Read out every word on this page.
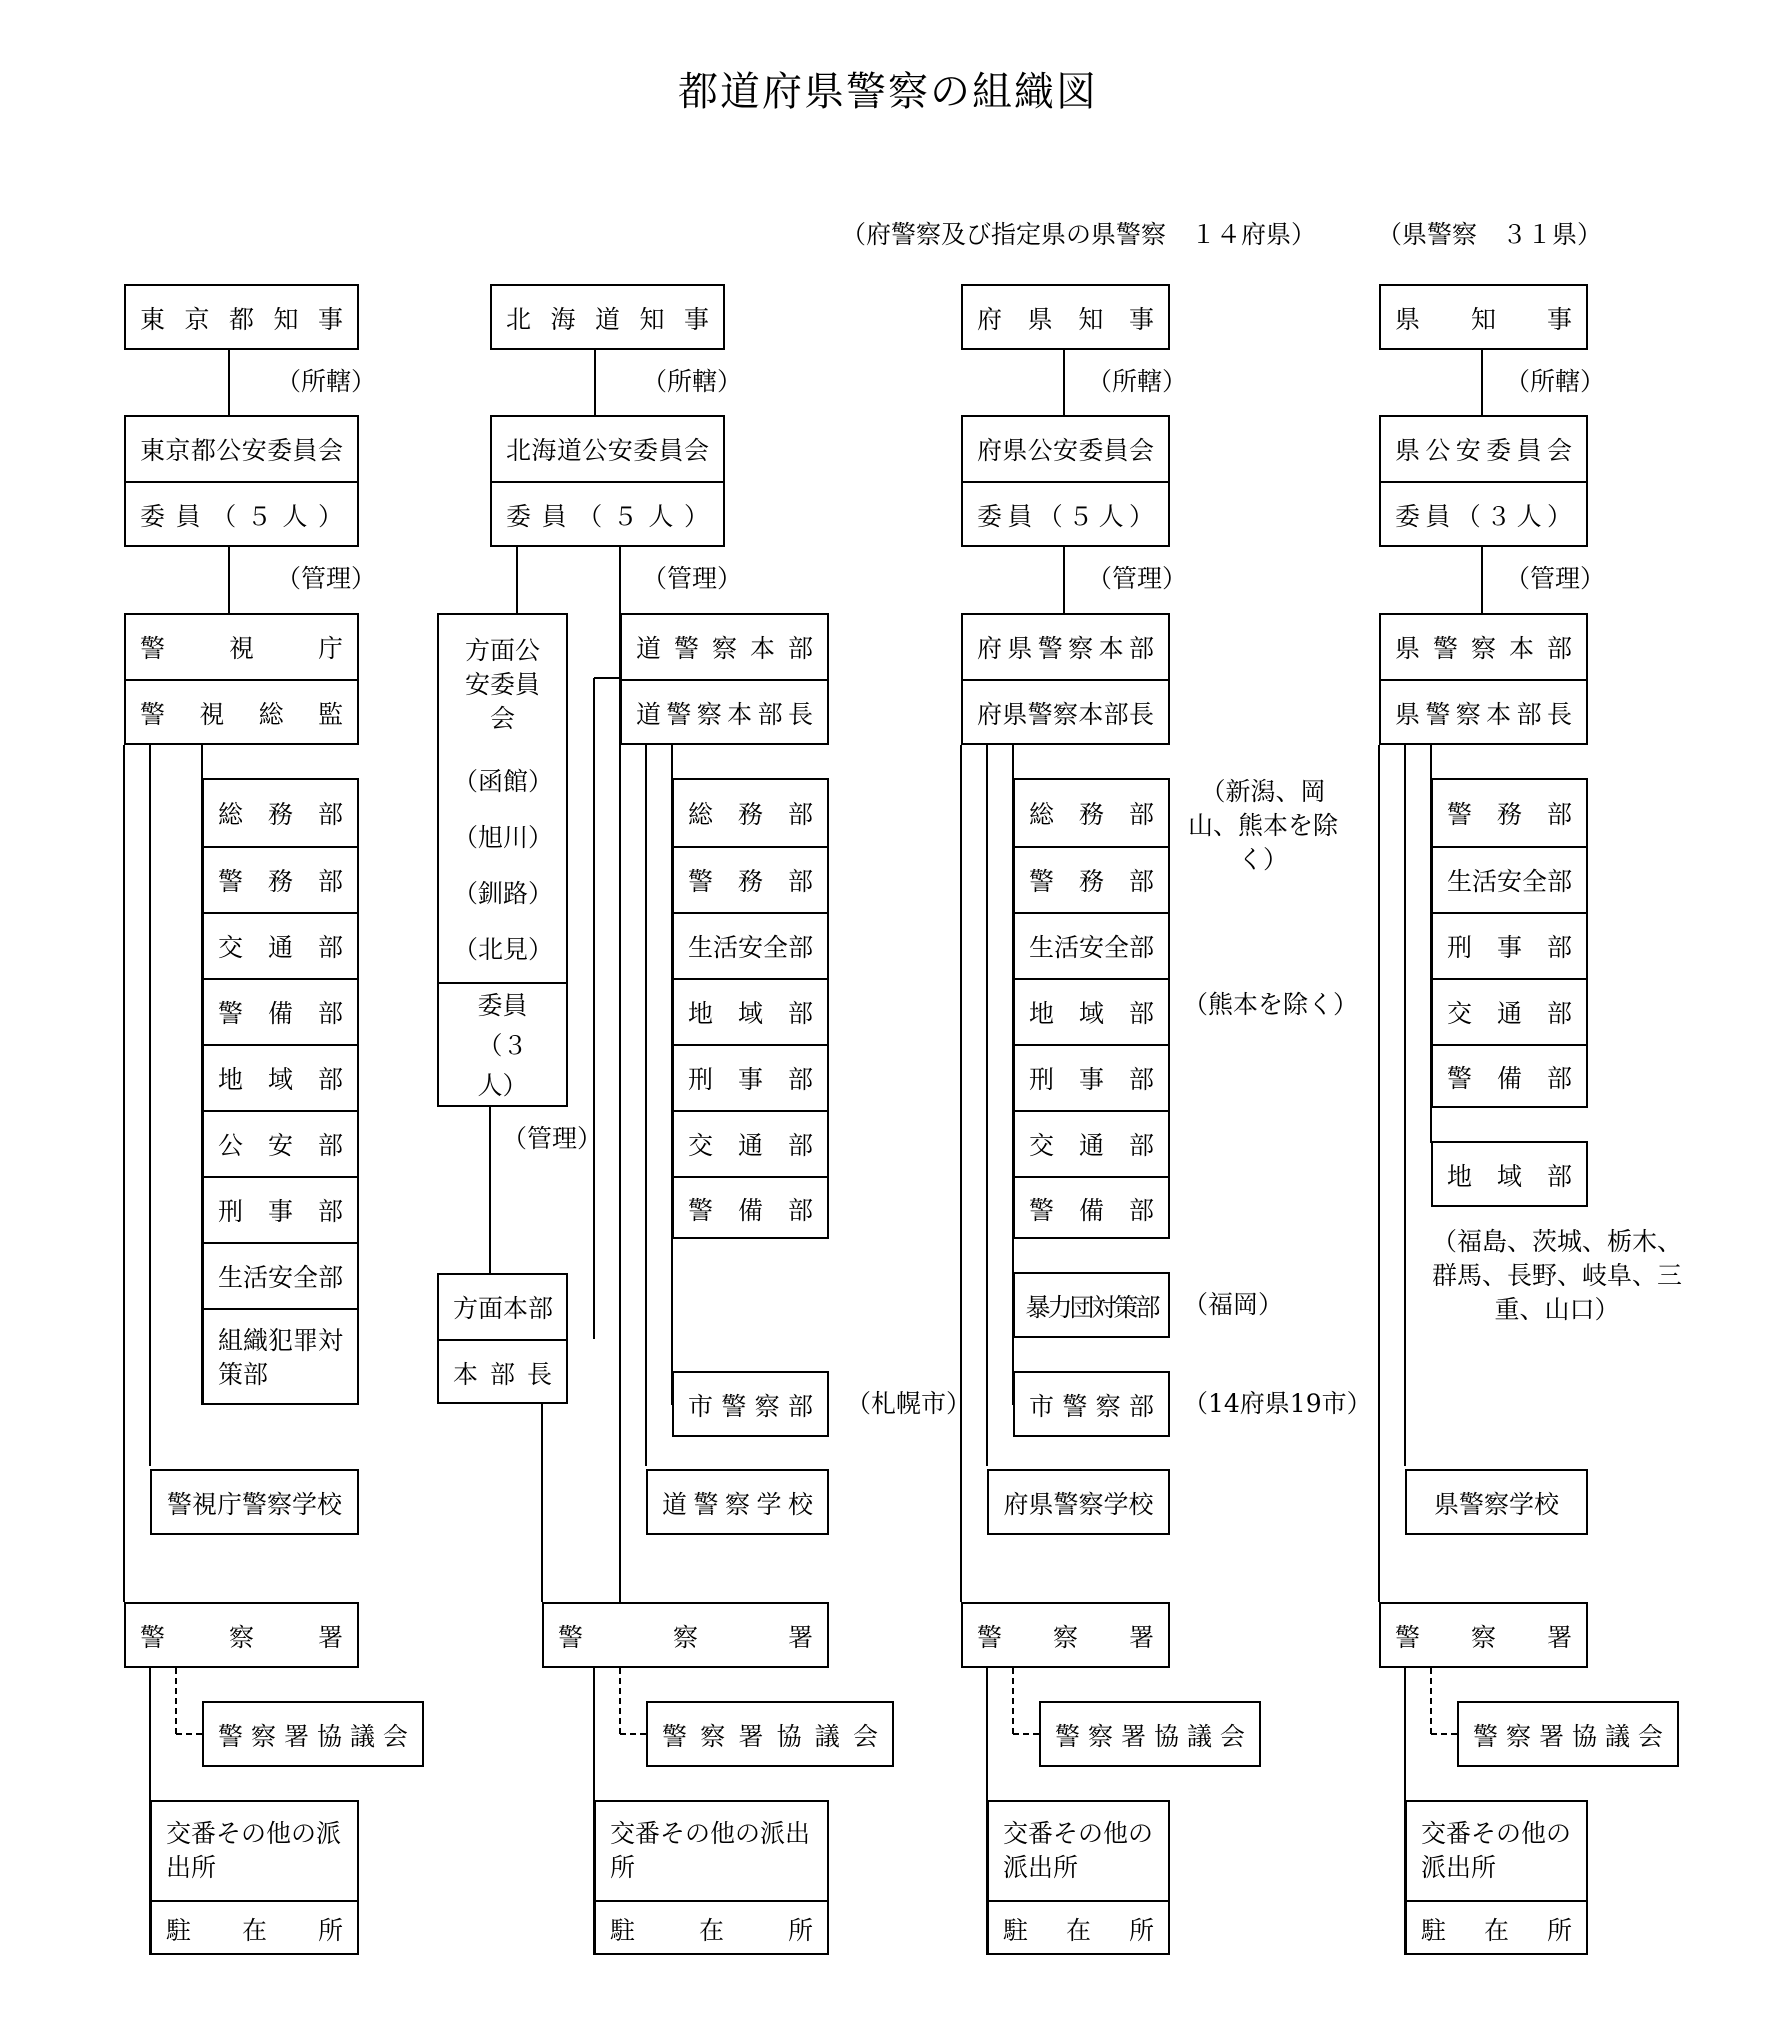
都道府県警察の組織図
（府警察及び指定県の県警察　１４府県） （県警察　３１県）
東 京 都 知 事
（所轄）
東 京 都 公 安 委 員 会
委 員 （ ５ 人 ）
（管理）
警	視	庁
警 視 総 監
総 務 部
警 務 部
交 通 部
警 備 部
地 域 部
公 安 部
刑 事 部
生 活 安 全 部
組織犯罪対策部
警視庁警察学校
警	察	署
警 察 署 協 議 会
交番その他の派出所
駐 在 所
北 海 道 知 事
（所轄）
北 海 道 公 安 委 員 会
委 員 （ ５ 人 ）
（管理）
方面公安委員会
（函館）
（旭川）
（釧路）
（北見）
委員（３人）
（管理）
道 警 察 本 部
道 警 察 本 部 長
方 面 本 部
本 部 長
総 務 部
警 務 部
生 活 安 全 部
地 域 部
刑 事 部
交 通 部
警 備 部
市 警 察 部 （札幌市）
道 警 察 学 校
警	察	署
警 察 署 協 議 会
交番その他の派出所
駐	在	所
府 県 知 事
（所轄）
府 県 公 安 委 員 会
委 員 （ ５ 人 ）
（管理）
府 県 警 察 本 部
府 県 警 察 本 部 長
総 務 部
警 務 部
生 活 安 全 部
地 域 部
刑 事 部
交 通 部
警 備 部
（新潟、岡山、熊本を除く）
（熊本を除く）
暴力団対策部	（福岡）
市 警 察 部 （14府県19市）
府県警察学校
警 察 署
警 察 署 協 議 会
交番その他の派出所
駐 在 所
県 知 事
（所轄）
県 公 安 委 員 会
委 員 （ ３ 人 ）
（管理）
県 警 察 本 部
県 警 察 本 部 長
警 務 部
生 活 安 全 部
刑 事 部
交 通 部
警 備 部
地 域 部
（福島、茨城、栃木、群馬、長野、岐阜、三重、山口）
県警察学校
警 察 署
警 察 署 協 議 会
交番その他の派出所
駐 在 所
